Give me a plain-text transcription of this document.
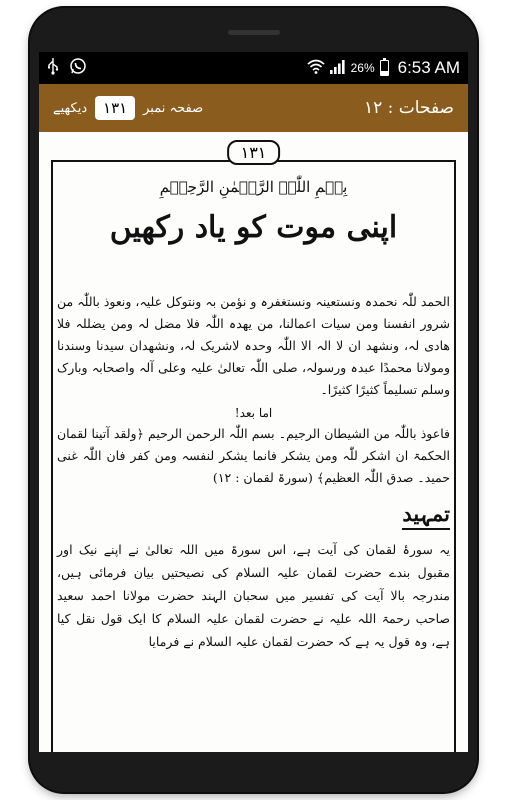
26% 6:53 AM
دیکھیے
۱۳۱	صفحہ نمبر	صفحات : ۱۲
۱۳۱
بِسۡمِ اللّٰہِ الرَّحۡمٰنِ الرَّحِیۡمِ
اپنی موت کو یاد رکھیں
الحمد للّٰہ نحمدہ ونستعینہ ونستغفرہ و نؤمن بہ ونتوکل علیہ، ونعوذ باللّٰہ من شرور انفسنا ومن سیات اعمالنا، من یھدہ اللّٰہ فلا مضل لہ ومن یضللہ فلا ھادی لہ، ونشھد ان لا الہ الا اللّٰہ وحدہ لاشریک لہ، ونشھدان سیدنا وسندنا ومولانا محمدًا عبدہ ورسولہ، صلی اللّٰہ تعالیٰ علیہ وعلی آلہ واصحابہ وبارک وسلم تسلیماً کثیرًا کثیرًا۔
اما بعد!
فاعوذ باللّٰہ من الشیطان الرجیم۔ بسم اللّٰہ الرحمن الرحیم ﴿ولقد آتینا لقمان الحکمۃ ان اشکر للّٰہ ومن یشکر فانما یشکر لنفسہ ومن کفر فان اللّٰہ غنی حمید۔ صدق اللّٰہ العظیم﴾ (سورۃ لقمان : ۱۲)
تمہید
یہ سورۂ لقمان کی آیت ہے، اس سورۃ میں اللہ تعالیٰ نے اپنے نیک اور مقبول بندے حضرت لقمان علیہ السلام کی نصیحتیں بیان فرمائی ہیں، مندرجہ بالا آیت کی تفسیر میں سحبان الہند حضرت مولانا احمد سعید صاحب رحمۃ اللہ علیہ نے حضرت لقمان علیہ السلام کا ایک قول نقل کیا ہے، وہ قول یہ ہے کہ حضرت لقمان علیہ السلام نے فرمایا
